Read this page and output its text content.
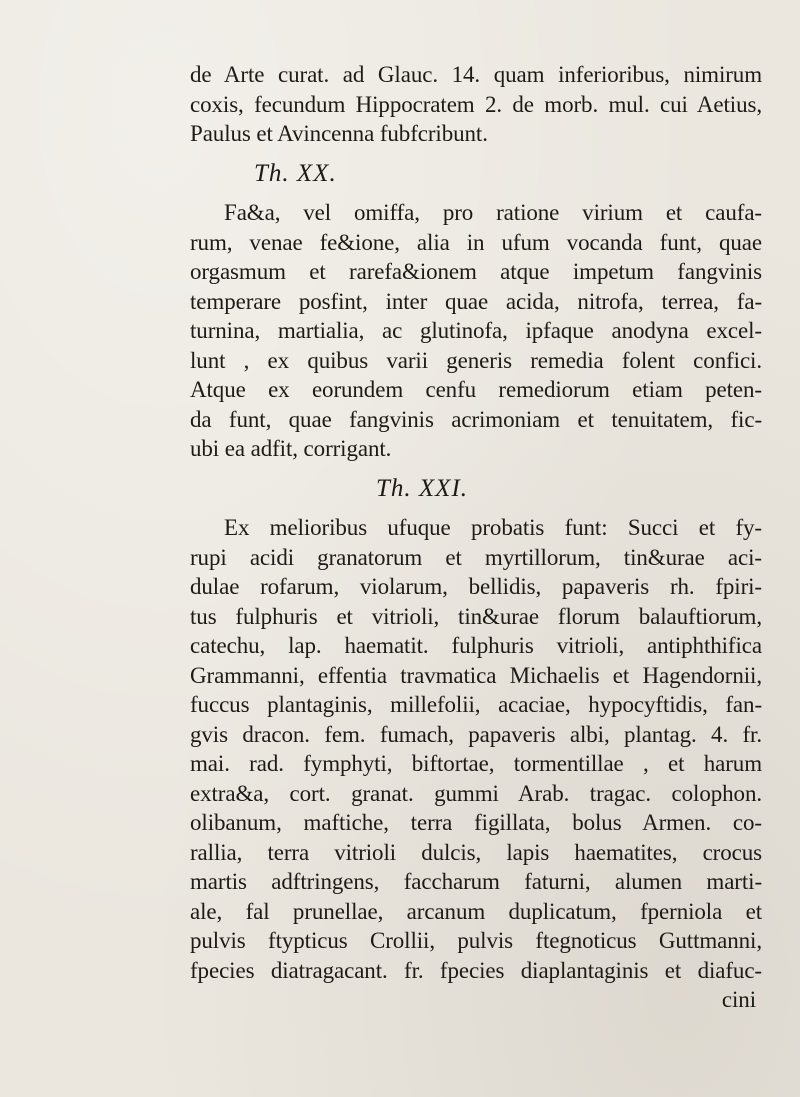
de Arte curat. ad Glauc. 14. quam inferioribus, nimirum
coxis, fecundum Hippocratem 2. de morb. mul. cui Aetius,
Paulus et Avincenna fubfcribunt.
Th. XX.
Fa&a, vel omiffa, pro ratione virium et caufa-
rum, venae fe&ione, alia in ufum vocanda funt, quae
orgasmum et rarefa&ionem atque impetum fangvinis
temperare posfint, inter quae acida, nitrofa, terrea, fa-
turnina, martialia, ac glutinofa, ipfaque anodyna excel-
lunt , ex quibus varii generis remedia folent confici.
Atque ex eorundem cenfu remediorum etiam peten-
da funt, quae fangvinis acrimoniam et tenuitatem, fic-
ubi ea adfit, corrigant.
Th. XXI.
Ex melioribus ufuque probatis funt: Succi et fy-
rupi acidi granatorum et myrtillorum, tin&urae aci-
dulae rofarum, violarum, bellidis, papaveris rh. fpiri-
tus fulphuris et vitrioli, tin&urae florum balauftiorum,
catechu, lap. haematit. fulphuris vitrioli, antiphthifica
Grammanni, effentia travmatica Michaelis et Hagendornii,
fuccus plantaginis, millefolii, acaciae, hypocyftidis, fan-
gvis dracon. fem. fumach, papaveris albi, plantag. 4. fr.
mai. rad. fymphyti, biftortae, tormentillae , et harum
extra&a, cort. granat. gummi Arab. tragac. colophon.
olibanum, maftiche, terra figillata, bolus Armen. co-
rallia, terra vitrioli dulcis, lapis haematites, crocus
martis adftringens, faccharum faturni, alumen marti-
ale, fal prunellae, arcanum duplicatum, fperniola et
pulvis ftypticus Crollii, pulvis ftegnoticus Guttmanni,
fpecies diatragacant. fr. fpecies diaplantaginis et diafuc-
cini
